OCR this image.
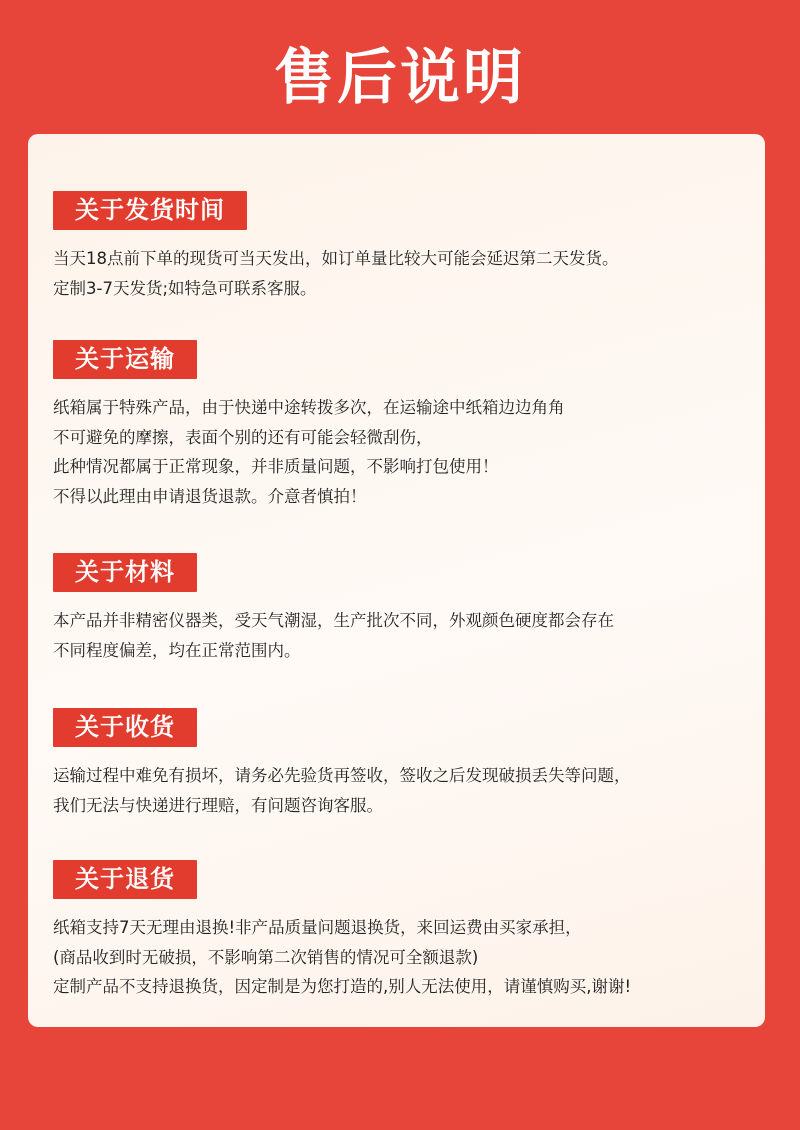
售后说明
关于发货时间
当天18点前下单的现货可当天发出，如订单量比较大可能会延迟第二天发货。
定制3-7天发货;如特急可联系客服。
关于运输
纸箱属于特殊产品，由于快递中途转拨多次，在运输途中纸箱边边角角
不可避免的摩擦，表面个别的还有可能会轻微刮伤，
此种情况都属于正常现象，并非质量问题，不影响打包使用！
不得以此理由申请退货退款。介意者慎拍！
关于材料
本产品并非精密仪器类，受天气潮湿，生产批次不同，外观颜色硬度都会存在
不同程度偏差，均在正常范围内。
关于收货
运输过程中难免有损坏，请务必先验货再签收，签收之后发现破损丢失等问题，
我们无法与快递进行理赔，有问题咨询客服。
关于退货
纸箱支持7天无理由退换!非产品质量问题退换货，来回运费由买家承担，
(商品收到时无破损，不影响第二次销售的情况可全额退款)
定制产品不支持退换货，因定制是为您打造的,别人无法使用，请谨慎购买,谢谢!
